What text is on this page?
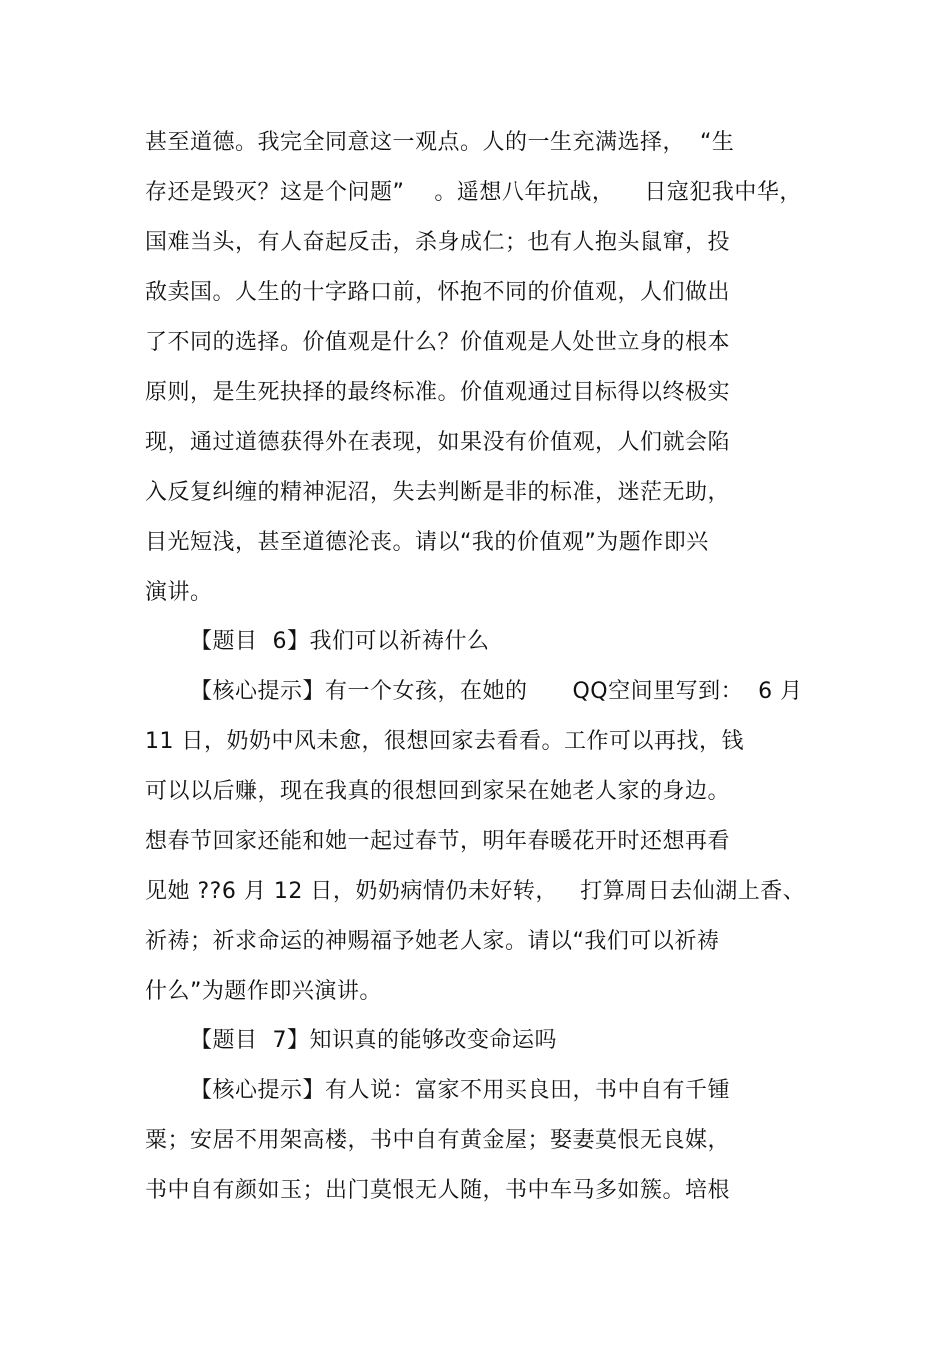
甚至道德。我完全同意这一观点。人的一生充满选择，  “生
存还是毁灭？这是个问题”    。遥想八年抗战，    日寇犯我中华，
国难当头，有人奋起反击，杀身成仁；也有人抱头鼠窜，投
敌卖国。人生的十字路口前，怀抱不同的价值观，人们做出
了不同的选择。价值观是什么？价值观是人处世立身的根本
原则，是生死抉择的最终标准。价值观通过目标得以终极实
现，通过道德获得外在表现，如果没有价值观，人们就会陷
入反复纠缠的精神泥沼，失去判断是非的标准，迷茫无助，
目光短浅，甚至道德沦丧。请以“我的价值观”为题作即兴
演讲。
【题目  6】我们可以祈祷什么
【核心提示】有一个女孩，在她的      QQ空间里写到：  6 月
11 日，奶奶中风未愈，很想回家去看看。工作可以再找，钱
可以以后赚，现在我真的很想回到家呆在她老人家的身边。
想春节回家还能和她一起过春节，明年春暖花开时还想再看
见她 ??6 月 12 日，奶奶病情仍未好转，   打算周日去仙湖上香、
祈祷；祈求命运的神赐福予她老人家。请以“我们可以祈祷
什么”为题作即兴演讲。
【题目  7】知识真的能够改变命运吗
【核心提示】有人说：富家不用买良田，书中自有千锺
粟；安居不用架高楼，书中自有黄金屋；娶妻莫恨无良媒，
书中自有颜如玉；出门莫恨无人随，书中车马多如簇。培根
